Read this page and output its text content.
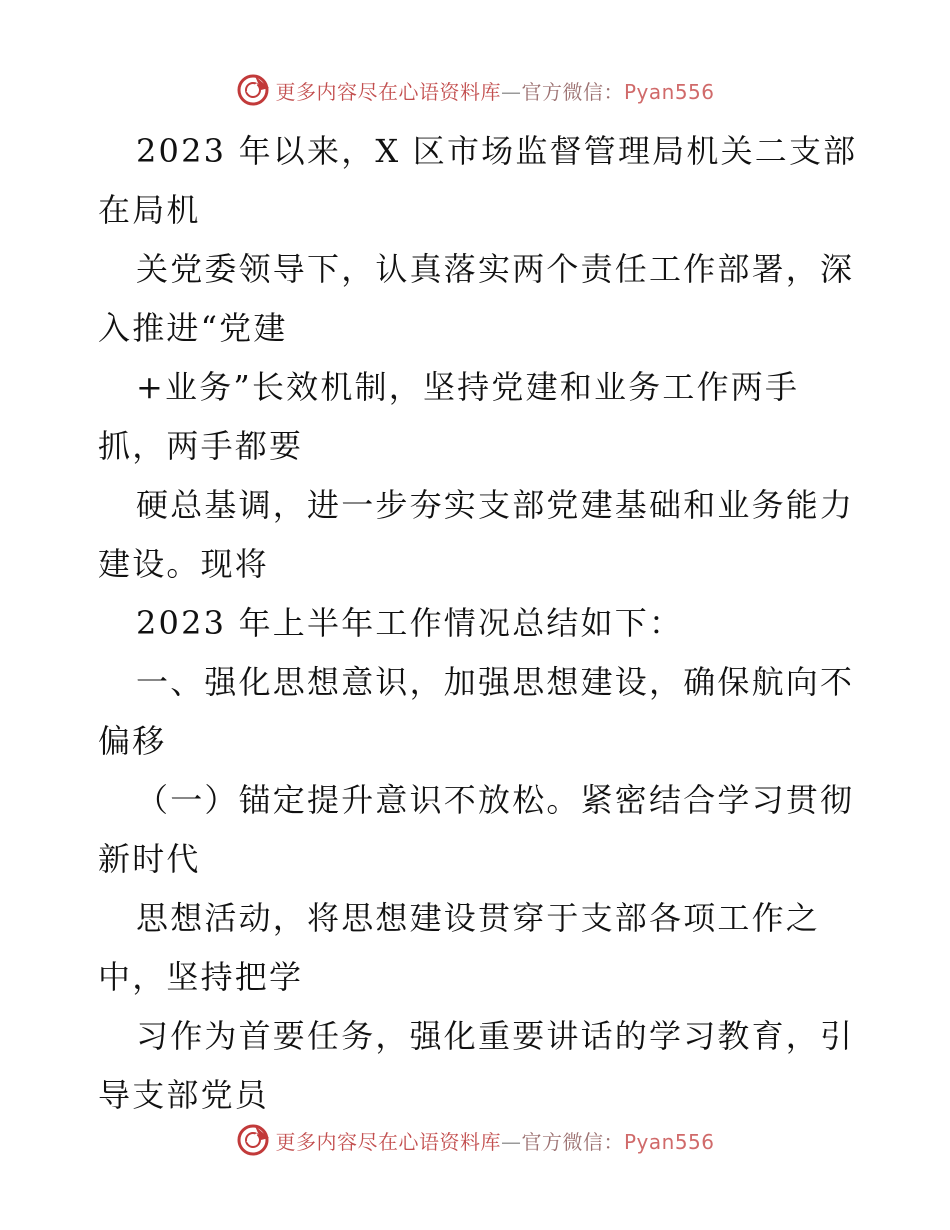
更多内容尽在心语资料库—官方微信：Pyan556
2023 年以来，X 区市场监督管理局机关二支部
在局机
关党委领导下，认真落实两个责任工作部署，深
入推进“党建
+业务”长效机制，坚持党建和业务工作两手
抓，两手都要
硬总基调，进一步夯实支部党建基础和业务能力
建设。现将
2023 年上半年工作情况总结如下：
一、强化思想意识，加强思想建设，确保航向不
偏移
（一）锚定提升意识不放松。紧密结合学习贯彻
新时代
思想活动，将思想建设贯穿于支部各项工作之
中，坚持把学
习作为首要任务，强化重要讲话的学习教育，引
导支部党员
更多内容尽在心语资料库—官方微信：Pyan556
